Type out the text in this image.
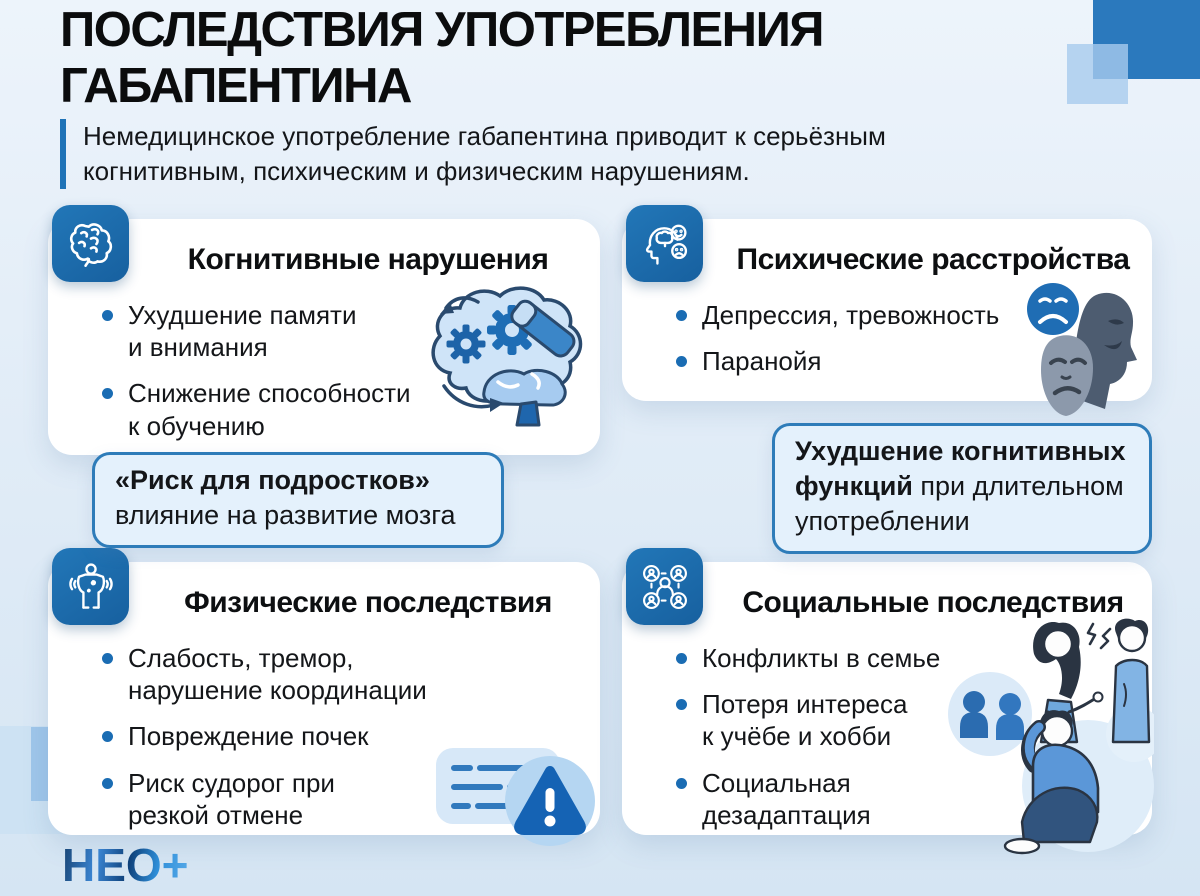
ПОСЛЕДСТВИЯ УПОТРЕБЛЕНИЯ
ГАБАПЕНТИНА

Немедицинское употребление габапентина приводит к серьёзным когнитивным, психическим и физическим нарушениям.

Когнитивные нарушения
Ухудшение памяти и внимания
Снижение способности к обучению
Психические расстройства
Депрессия, тревожность
Паранойя
Физические последствия
Слабость, тремор, нарушение координации
Повреждение почек
Риск судорог при резкой отмене
Социальные последствия
Конфликты в семье
Потеря интереса к учёбе и хобби
Социальная дезадаптация
«Риск для подростков» влияние на развитие мозга
Ухудшение когнитивных функций при длительном употреблении
НЕО+
